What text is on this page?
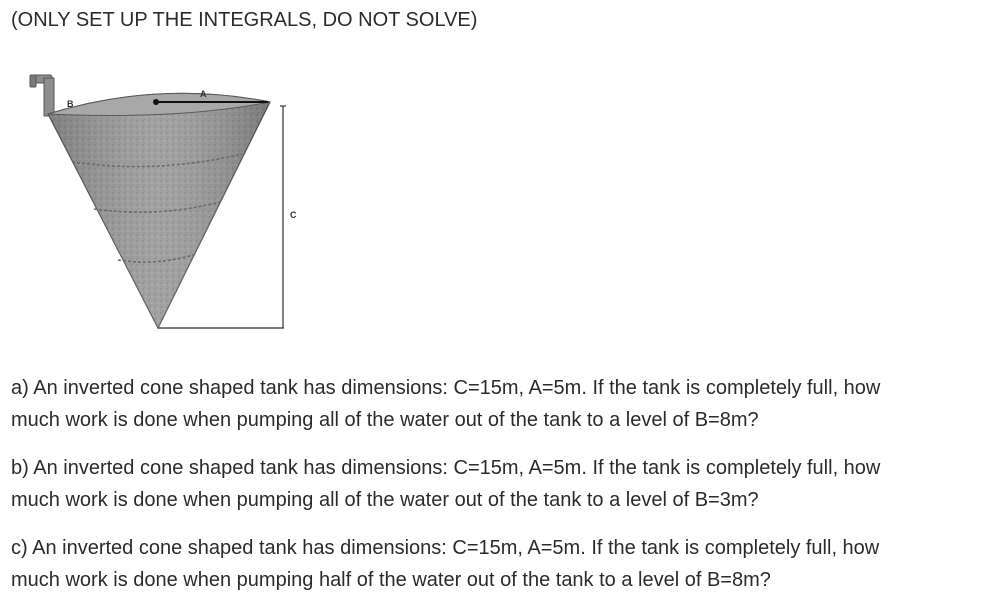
(ONLY SET UP THE INTEGRALS, DO NOT SOLVE)
B
A
C
a) An inverted cone shaped tank has dimensions: C=15m, A=5m. If the tank is completely full, how
much work is done when pumping all of the water out of the tank to a level of B=8m?
b) An inverted cone shaped tank has dimensions: C=15m, A=5m. If the tank is completely full, how
much work is done when pumping all of the water out of the tank to a level of B=3m?
c) An inverted cone shaped tank has dimensions: C=15m, A=5m. If the tank is completely full, how
much work is done when pumping half of the water out of the tank to a level of B=8m?
